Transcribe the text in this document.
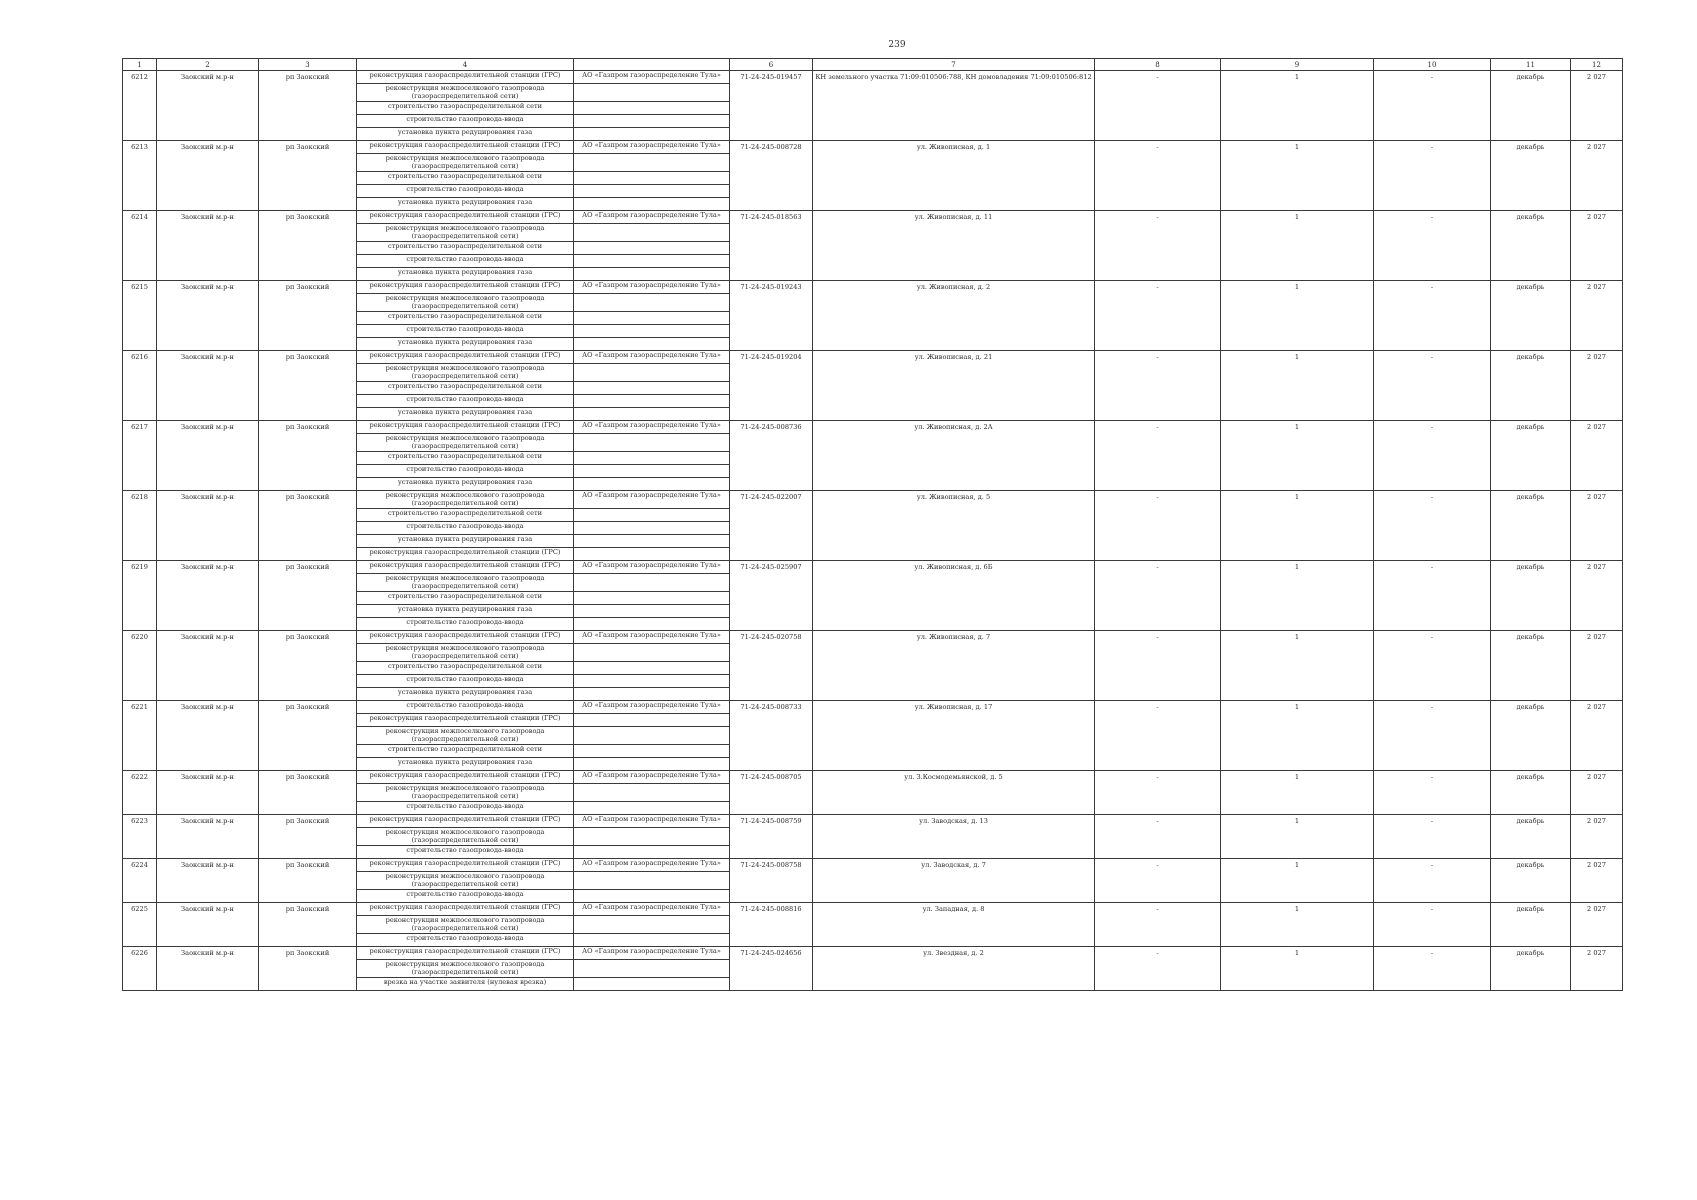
239
1	2	3	4		6	7	8	9	10	11	12
6212	Заокский м.р-н	рп Заокский	реконструкция газораспределительной станции (ГРС)	АО «Газпром газораспределение Тула»	71-24-245-019457	КН земельного участка 71:09:010506:788, КН домовладения 71:09:010506:812	-	1	-	декабрь	2 027
			реконструкция межпоселкового газопровода (газораспределительной сети)								
			строительство газораспределительной сети								
			строительство газопровода-ввода								
			установка пункта редуцирования газа								
6213	Заокский м.р-н	рп Заокский	реконструкция газораспределительной станции (ГРС)	АО «Газпром газораспределение Тула»	71-24-245-008728	ул. Живописная, д. 1	-	1	-	декабрь	2 027
			реконструкция межпоселкового газопровода (газораспределительной сети)								
			строительство газораспределительной сети								
			строительство газопровода-ввода								
			установка пункта редуцирования газа								
6214	Заокский м.р-н	рп Заокский	реконструкция газораспределительной станции (ГРС)	АО «Газпром газораспределение Тула»	71-24-245-018563	ул. Живописная, д. 11	-	1	-	декабрь	2 027
			реконструкция межпоселкового газопровода (газораспределительной сети)								
			строительство газораспределительной сети								
			строительство газопровода-ввода								
			установка пункта редуцирования газа								
6215	Заокский м.р-н	рп Заокский	реконструкция газораспределительной станции (ГРС)	АО «Газпром газораспределение Тула»	71-24-245-019243	ул. Живописная, д. 2	-	1	-	декабрь	2 027
			реконструкция межпоселкового газопровода (газораспределительной сети)								
			строительство газораспределительной сети								
			строительство газопровода-ввода								
			установка пункта редуцирования газа								
6216	Заокский м.р-н	рп Заокский	реконструкция газораспределительной станции (ГРС)	АО «Газпром газораспределение Тула»	71-24-245-019204	ул. Живописная, д. 21	-	1	-	декабрь	2 027
			реконструкция межпоселкового газопровода (газораспределительной сети)								
			строительство газораспределительной сети								
			строительство газопровода-ввода								
			установка пункта редуцирования газа								
6217	Заокский м.р-н	рп Заокский	реконструкция газораспределительной станции (ГРС)	АО «Газпром газораспределение Тула»	71-24-245-008736	ул. Живописная, д. 2А	-	1	-	декабрь	2 027
			реконструкция межпоселкового газопровода (газораспределительной сети)								
			строительство газораспределительной сети								
			строительство газопровода-ввода								
			установка пункта редуцирования газа								
6218	Заокский м.р-н	рп Заокский	реконструкция межпоселкового газопровода (газораспределительной сети)	АО «Газпром газораспределение Тула»	71-24-245-022007	ул. Живописная, д. 5	-	1	-	декабрь	2 027
			строительство газораспределительной сети								
			строительство газопровода-ввода								
			установка пункта редуцирования газа								
			реконструкция газораспределительной станции (ГРС)								
6219	Заокский м.р-н	рп Заокский	реконструкция газораспределительной станции (ГРС)	АО «Газпром газораспределение Тула»	71-24-245-025907	ул. Живописная, д. 6Б	-	1	-	декабрь	2 027
			реконструкция межпоселкового газопровода (газораспределительной сети)								
			строительство газораспределительной сети								
			установка пункта редуцирования газа								
			строительство газопровода-ввода								
6220	Заокский м.р-н	рп Заокский	реконструкция газораспределительной станции (ГРС)	АО «Газпром газораспределение Тула»	71-24-245-020758	ул. Живописная, д. 7	-	1	-	декабрь	2 027
			реконструкция межпоселкового газопровода (газораспределительной сети)								
			строительство газораспределительной сети								
			строительство газопровода-ввода								
			установка пункта редуцирования газа								
6221	Заокский м.р-н	рп Заокский	строительство газопровода-ввода	АО «Газпром газораспределение Тула»	71-24-245-008733	ул. Живописная, д. 17	-	1	-	декабрь	2 027
			реконструкция газораспределительной станции (ГРС)								
			реконструкция межпоселкового газопровода (газораспределительной сети)								
			строительство газораспределительной сети								
			установка пункта редуцирования газа								
6222	Заокский м.р-н	рп Заокский	реконструкция газораспределительной станции (ГРС)	АО «Газпром газораспределение Тула»	71-24-245-008705	ул. З.Космодемьянской, д. 5	-	1	-	декабрь	2 027
			реконструкция межпоселкового газопровода (газораспределительной сети)								
			строительство газопровода-ввода								
6223	Заокский м.р-н	рп Заокский	реконструкция газораспределительной станции (ГРС)	АО «Газпром газораспределение Тула»	71-24-245-008759	ул. Заводская, д. 13	-	1	-	декабрь	2 027
			реконструкция межпоселкового газопровода (газораспределительной сети)								
			строительство газопровода-ввода								
6224	Заокский м.р-н	рп Заокский	реконструкция газораспределительной станции (ГРС)	АО «Газпром газораспределение Тула»	71-24-245-008758	ул. Заводская, д. 7	-	1	-	декабрь	2 027
			реконструкция межпоселкового газопровода (газораспределительной сети)								
			строительство газопровода-ввода								
6225	Заокский м.р-н	рп Заокский	реконструкция газораспределительной станции (ГРС)	АО «Газпром газораспределение Тула»	71-24-245-008816	ул. Западная, д. 8	-	1	-	декабрь	2 027
			реконструкция межпоселкового газопровода (газораспределительной сети)								
			строительство газопровода-ввода								
6226	Заокский м.р-н	рп Заокский	реконструкция газораспределительной станции (ГРС)	АО «Газпром газораспределение Тула»	71-24-245-024656	ул. Звездная, д. 2	-	1	-	декабрь	2 027
			реконструкция межпоселкового газопровода (газораспределительной сети)								
			врезка на участке заявителя (нулевая врезка)								
